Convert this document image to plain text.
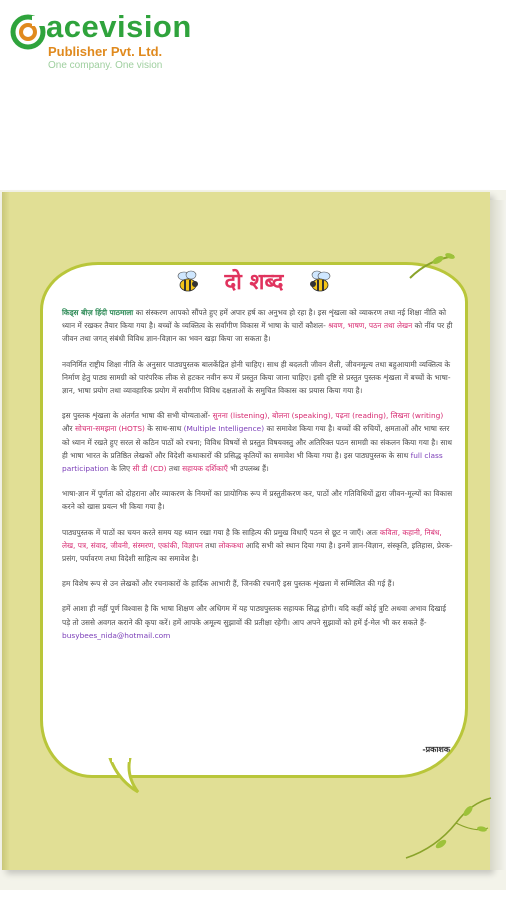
acevision
Publisher Pvt. Ltd.
One company. One vision
दो शब्द

किड्स बीज़ हिंदी पाठमाला का संस्करण आपको सौंपते हुए हमें अपार हर्ष का अनुभव हो रहा है। इस शृंखला को व्याकरण तथा नई शिक्षा नीति को ध्यान में रखकर तैयार किया गया है। बच्चों के व्यक्तित्व के सर्वांगीण विकास में भाषा के चारों कौशल- श्रवण, भाषण, पठन तथा लेखन को नींव पर ही जीवन तथा जगत् संबंधी विविध ज्ञान-विज्ञान का भवन खड़ा किया जा सकता है।

नवनिर्मित राष्ट्रीय शिक्षा नीति के अनुसार पाठ्यपुस्तक बालकेंद्रित होनी चाहिए। साथ ही बदलती जीवन शैली, जीवनमूल्य तथा बहुआयामी व्यक्तित्व के निर्माण हेतु पाठ्य सामग्री को पारंपरिक लीक से हटकर नवीन रूप में प्रस्तुत किया जाना चाहिए। इसी दृष्टि से प्रस्तुत पुस्तक शृंखला में बच्चों के भाषा-ज्ञान, भाषा प्रयोग तथा व्यावहारिक प्रयोग में सर्वांगीण विविध दक्षताओं के समुचित विकास का प्रयास किया गया है।

इस पुस्तक शृंखला के अंतर्गत भाषा की सभी योग्यताओं- सुनना (listening), बोलना (speaking), पढ़ना (reading), लिखना (writing) और सोचना-समझना (HOTS) के साथ-साथ (Multiple Intelligence) का समावेश किया गया है। बच्चों की रुचियों, क्षमताओं और भाषा स्तर को ध्यान में रखते हुए सरल से कठिन पाठों को रचना; विविध विषयों से प्रस्तुत विषयवस्तु और अतिरिक्त पठन सामग्री का संकलन किया गया है। साथ ही भाषा भारत के प्रतिष्ठित लेखकों और विदेशी कथाकारों की प्रसिद्ध कृतियों का समावेश भी किया गया है। इस पाठ्यपुस्तक के साथ full class participation के लिए सी डी (CD) तथा सहायक दर्शिकाएँ भी उपलब्ध हैं।

भाषा-ज्ञान में पूर्णता को दोहराना और व्याकरण के नियमों का प्रायोगिक रूप में प्रस्तुतीकरण कर, पाठों और गतिविधियों द्वारा जीवन-मूल्यों का विकास करने को खास प्रयत्न भी किया गया है।

पाठ्यपुस्तक में पाठों का चयन करते समय यह ध्यान रखा गया है कि साहित्य की प्रमुख विधाएँ पठन से छूट न जाएँ। अतः कविता, कहानी, निबंध, लेख, पत्र, संवाद, जीवनी, संस्मरण, एकांकी, विज्ञापन तथा लोककथा आदि सभी को स्थान दिया गया है। इनमें ज्ञान-विज्ञान, संस्कृति, इतिहास, प्रेरक-प्रसंग, पर्यावरण तथा विदेशी साहित्य का समावेश है।

हम विशेष रूप से उन लेखकों और रचनाकारों के हार्दिक आभारी हैं, जिनकी रचनाएँ इस पुस्तक शृंखला में सम्मिलित की गई हैं।

हमें आशा ही नहीं पूर्ण विश्वास है कि भाषा शिक्षण और अधिगम में यह पाठ्यपुस्तक सहायक सिद्ध होगी। यदि कहीं कोई त्रुटि अथवा अभाव दिखाई पड़े तो उससे अवगत कराने की कृपा करें। हमें आपके अमूल्य सुझावों की प्रतीक्षा रहेगी। आप अपने सुझावों को हमें ई-मेल भी कर सकते हैं- busybees_nida@hotmail.com

-प्रकाशक
